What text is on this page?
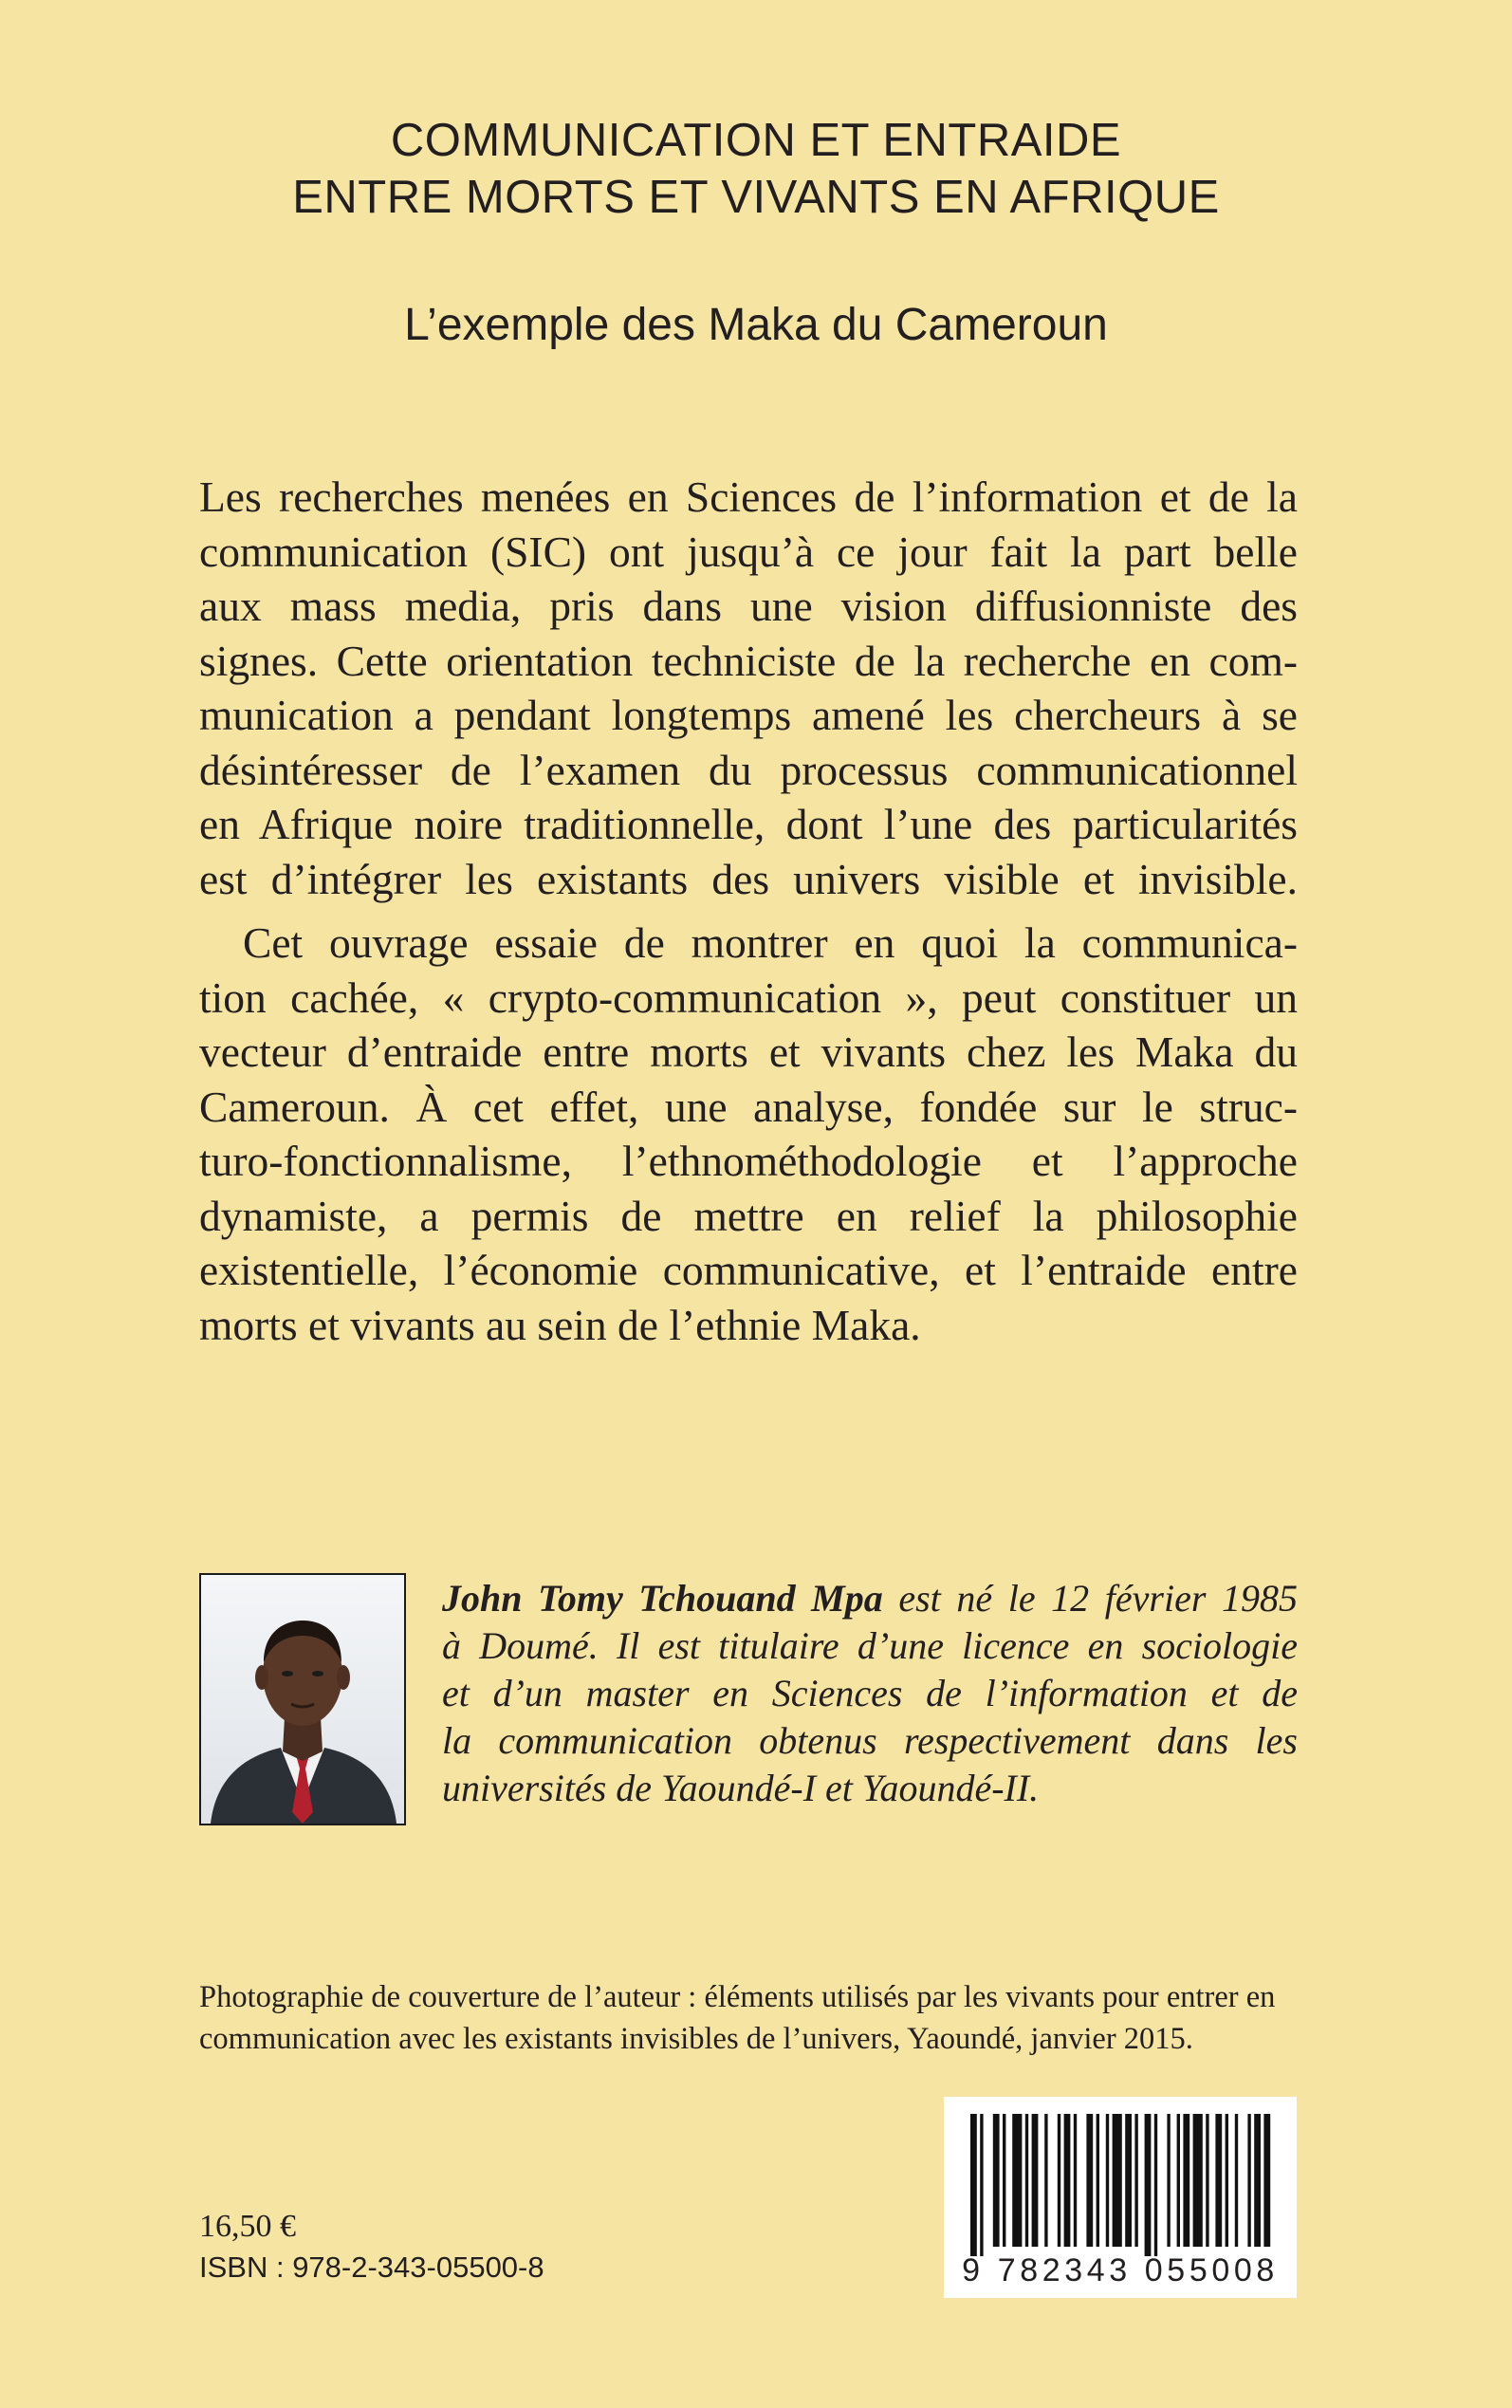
COMMUNICATION ET ENTRAIDE
ENTRE MORTS ET VIVANTS EN AFRIQUE
L’exemple des Maka du Cameroun
Les recherches menées en Sciences de l’information et de la
communication (SIC) ont jusqu’à ce jour fait la part belle
aux mass media, pris dans une vision diffusionniste des
signes. Cette orientation techniciste de la recherche en com-
munication a pendant longtemps amené les chercheurs à se
désintéresser de l’examen du processus communicationnel
en Afrique noire traditionnelle, dont l’une des particularités
est d’intégrer les existants des univers visible et invisible.
Cet ouvrage essaie de montrer en quoi la communica-
tion cachée, « crypto-communication », peut constituer un
vecteur d’entraide entre morts et vivants chez les Maka du
Cameroun. À cet effet, une analyse, fondée sur le struc-
turo-fonctionnalisme, l’ethnométhodologie et l’approche
dynamiste, a permis de mettre en relief la philosophie
existentielle, l’économie communicative, et l’entraide entre
morts et vivants au sein de l’ethnie Maka.
John Tomy Tchouand Mpa est né le 12 février 1985
à Doumé. Il est titulaire d’une licence en sociologie
et d’un master en Sciences de l’information et de
la communication obtenus respectivement dans les
universités de Yaoundé-I et Yaoundé-II.
Photographie de couverture de l’auteur : éléments utilisés par les vivants pour entrer en
communication avec les existants invisibles de l’univers, Yaoundé, janvier 2015.
9 782343 055008
16,50 €
ISBN : 978-2-343-05500-8
